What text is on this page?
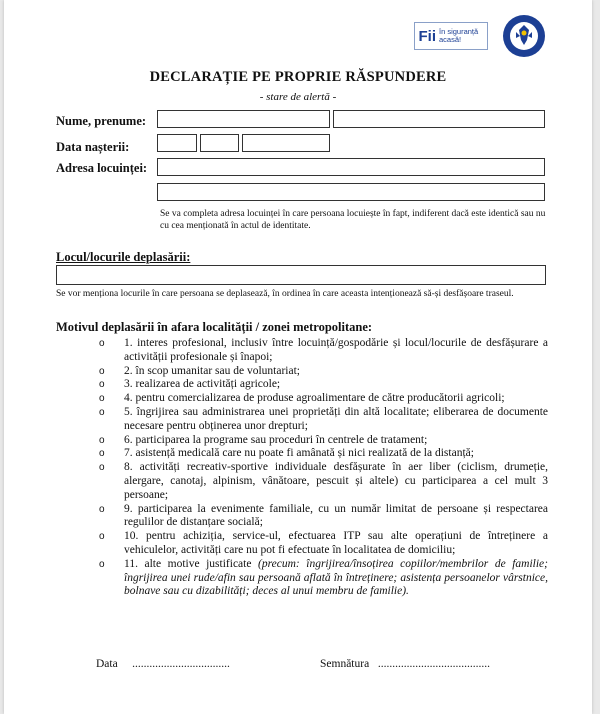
Fii în siguranță acasă!
DECLARAȚIE PE PROPRIE RĂSPUNDERE
- stare de alertă -
Nume, prenume:
Data nașterii:
Adresa locuinței:
Se va completa adresa locuinței în care persoana locuiește în fapt, indiferent dacă este identică sau nu cu cea menționată în actul de identitate.
Locul/locurile deplasării:
Se vor menționa locurile în care persoana se deplasează, în ordinea în care aceasta intenționează să-și desfășoare traseul.
Motivul deplasării în afara localității / zonei metropolitane:
o 1. interes profesional, inclusiv între locuință/gospodărie și locul/locurile de desfășurare a activității profesionale și înapoi;
o 2. în scop umanitar sau de voluntariat;
o 3. realizarea de activități agricole;
o 4. pentru comercializarea de produse agroalimentare de către producătorii agricoli;
o 5. îngrijirea sau administrarea unei proprietăți din altă localitate; eliberarea de documente necesare pentru obținerea unor drepturi;
o 6. participarea la programe sau proceduri în centrele de tratament;
o 7. asistență medicală care nu poate fi amânată și nici realizată de la distanță;
o 8. activități recreativ-sportive individuale desfășurate în aer liber (ciclism, drumeție, alergare, canotaj, alpinism, vânătoare, pescuit și altele) cu participarea a cel mult 3 persoane;
o 9. participarea la evenimente familiale, cu un număr limitat de persoane și respectarea regulilor de distanțare socială;
o 10. pentru achiziția, service-ul, efectuarea ITP sau alte operațiuni de întreținere a vehiculelor, activități care nu pot fi efectuate în localitatea de domiciliu;
o 11. alte motive justificate (precum: îngrijirea/însoțirea copiilor/membrilor de familie; îngrijirea unei rude/afin sau persoană aflată în întreținere; asistența persoanelor vârstnice, bolnave sau cu dizabilități; deces al unui membru de familie).
Data ..................................	Semnătura .......................................
